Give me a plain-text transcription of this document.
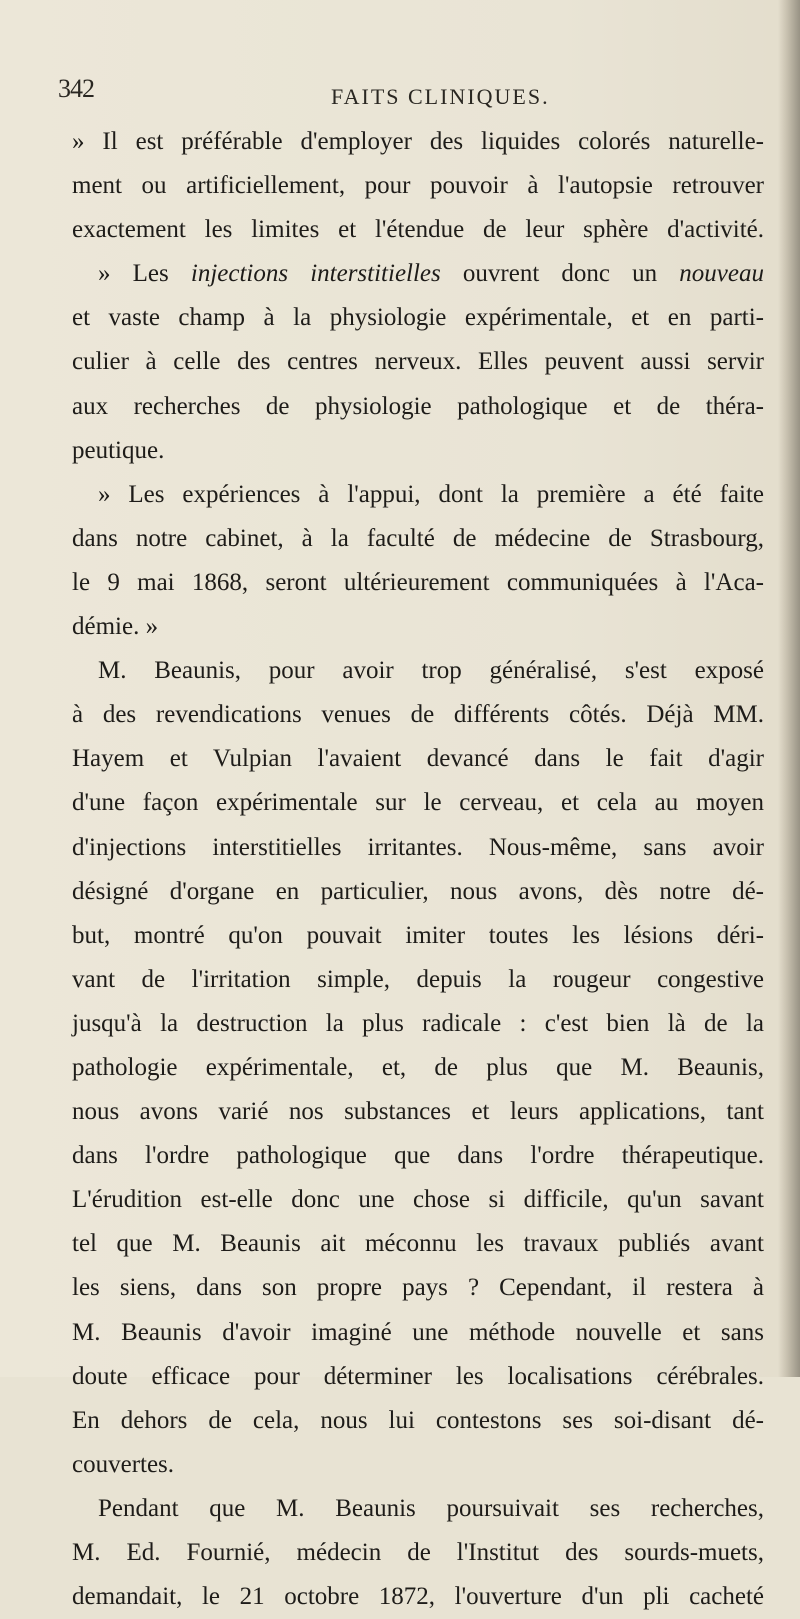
342	FAITS CLINIQUES.
» Il est préférable d'employer des liquides colorés naturelle-
ment ou artificiellement, pour pouvoir à l'autopsie retrouver
exactement les limites et l'étendue de leur sphère d'activité.
» Les injections interstitielles ouvrent donc un nouveau
et vaste champ à la physiologie expérimentale, et en parti-
culier à celle des centres nerveux. Elles peuvent aussi servir
aux recherches de physiologie pathologique et de théra-
peutique.
» Les expériences à l'appui, dont la première a été faite
dans notre cabinet, à la faculté de médecine de Strasbourg,
le 9 mai 1868, seront ultérieurement communiquées à l'Aca-
démie. »
M. Beaunis, pour avoir trop généralisé, s'est exposé
à des revendications venues de différents côtés. Déjà MM.
Hayem et Vulpian l'avaient devancé dans le fait d'agir
d'une façon expérimentale sur le cerveau, et cela au moyen
d'injections interstitielles irritantes. Nous-même, sans avoir
désigné d'organe en particulier, nous avons, dès notre dé-
but, montré qu'on pouvait imiter toutes les lésions déri-
vant de l'irritation simple, depuis la rougeur congestive
jusqu'à la destruction la plus radicale : c'est bien là de la
pathologie expérimentale, et, de plus que M. Beaunis,
nous avons varié nos substances et leurs applications, tant
dans l'ordre pathologique que dans l'ordre thérapeutique.
L'érudition est-elle donc une chose si difficile, qu'un savant
tel que M. Beaunis ait méconnu les travaux publiés avant
les siens, dans son propre pays ? Cependant, il restera à
M. Beaunis d'avoir imaginé une méthode nouvelle et sans
doute efficace pour déterminer les localisations cérébrales.
En dehors de cela, nous lui contestons ses soi-disant dé-
couvertes.
Pendant que M. Beaunis poursuivait ses recherches,
M. Ed. Fournié, médecin de l'Institut des sourds-muets,
demandait, le 21 octobre 1872, l'ouverture d'un pli cacheté
